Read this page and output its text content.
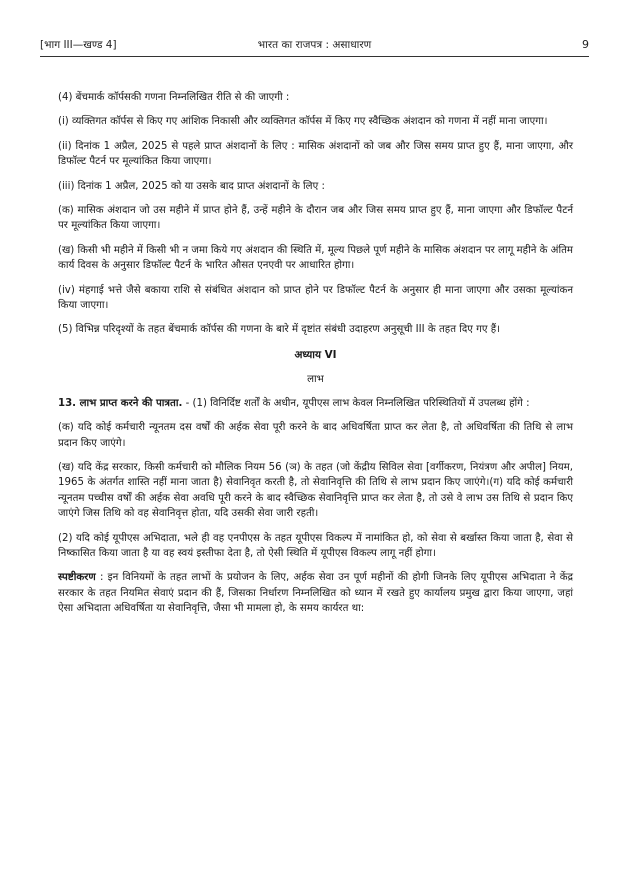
[भाग III—खण्ड 4]	भारत का राजपत्र : असाधारण	9

(4) बेंचमार्क कॉर्पसकी गणना निम्नलिखित रीति से की जाएगी :

(i) व्यक्तिगत कॉर्पस से किए गए आंशिक निकासी और व्यक्तिगत कॉर्पस में किए गए स्वैच्छिक अंशदान को गणना में नहीं माना जाएगा।

(ii) दिनांक 1 अप्रैल, 2025 से पहले प्राप्त अंशदानों के लिए : मासिक अंशदानों को जब और जिस समय प्राप्त हुए हैं, माना जाएगा, और डिफॉल्ट पैटर्न पर मूल्यांकित किया जाएगा।

(iii) दिनांक 1 अप्रैल, 2025 को या उसके बाद प्राप्त अंशदानों के लिए :

(क) मासिक अंशदान जो उस महीने में प्राप्त होने हैं, उन्हें महीने के दौरान जब और जिस समय प्राप्त हुए हैं, माना जाएगा और डिफॉल्ट पैटर्न पर मूल्यांकित किया जाएगा।

(ख) किसी भी महीने में किसी भी न जमा किये गए अंशदान की स्थिति में, मूल्य पिछले पूर्ण महीने के मासिक अंशदान पर लागू महीने के अंतिम कार्य दिवस के अनुसार डिफॉल्ट पैटर्न के भारित औसत एनएवी पर आधारित होगा।

(iv) मंहगाई भत्ते जैसे बकाया राशि से संबंधित अंशदान को प्राप्त होने पर डिफॉल्ट पैटर्न के अनुसार ही माना जाएगा और उसका मूल्यांकन किया जाएगा।

(5) विभिन्न परिदृश्यों के तहत बेंचमार्क कॉर्पस की गणना के बारे में दृष्टांत संबंधी उदाहरण अनुसूची III के तहत दिए गए हैं।

अध्याय VI

लाभ

13. लाभ प्राप्त करने की पात्रता. - (1) विनिर्दिष्ट शर्तों के अधीन, यूपीएस लाभ केवल निम्नलिखित परिस्थितियों में उपलब्ध होंगे :

(क) यदि कोई कर्मचारी न्यूनतम दस वर्षों की अर्हक सेवा पूरी करने के बाद अधिवर्षिता प्राप्त कर लेता है, तो अधिवर्षिता की तिथि से लाभ प्रदान किए जाएंगे।

(ख) यदि केंद्र सरकार, किसी कर्मचारी को मौलिक नियम 56 (ञ) के तहत (जो केंद्रीय सिविल सेवा [वर्गीकरण, नियंत्रण और अपील] नियम, 1965 के अंतर्गत शास्ति नहीं माना जाता है) सेवानिवृत करती है, तो सेवानिवृत्ति की तिथि से लाभ प्रदान किए जाएंगे।(ग) यदि कोई कर्मचारी न्यूनतम पच्चीस वर्षों की अर्हक सेवा अवधि पूरी करने के बाद स्वैच्छिक सेवानिवृत्ति प्राप्त कर लेता है, तो उसे वे लाभ उस तिथि से प्रदान किए जाएंगे जिस तिथि को वह सेवानिवृत्त होता, यदि उसकी सेवा जारी रहती।

(2) यदि कोई यूपीएस अभिदाता, भले ही वह एनपीएस के तहत यूपीएस विकल्प में नामांकित हो, को सेवा से बर्खास्त किया जाता है, सेवा से निष्कासित किया जाता है या वह स्वयं इस्तीफा देता है, तो ऐसी स्थिति में यूपीएस विकल्प लागू नहीं होगा।

स्पष्टीकरण : इन विनियमों के तहत लाभों के प्रयोजन के लिए, अर्हक सेवा उन पूर्ण महीनों की होगी जिनके लिए यूपीएस अभिदाता ने केंद्र सरकार के तहत नियमित सेवाएं प्रदान की हैं, जिसका निर्धारण निम्नलिखित को ध्यान में रखते हुए कार्यालय प्रमुख द्वारा किया जाएगा, जहां ऐसा अभिदाता अधिवर्षिता या सेवानिवृत्ति, जैसा भी मामला हो, के समय कार्यरत था:
